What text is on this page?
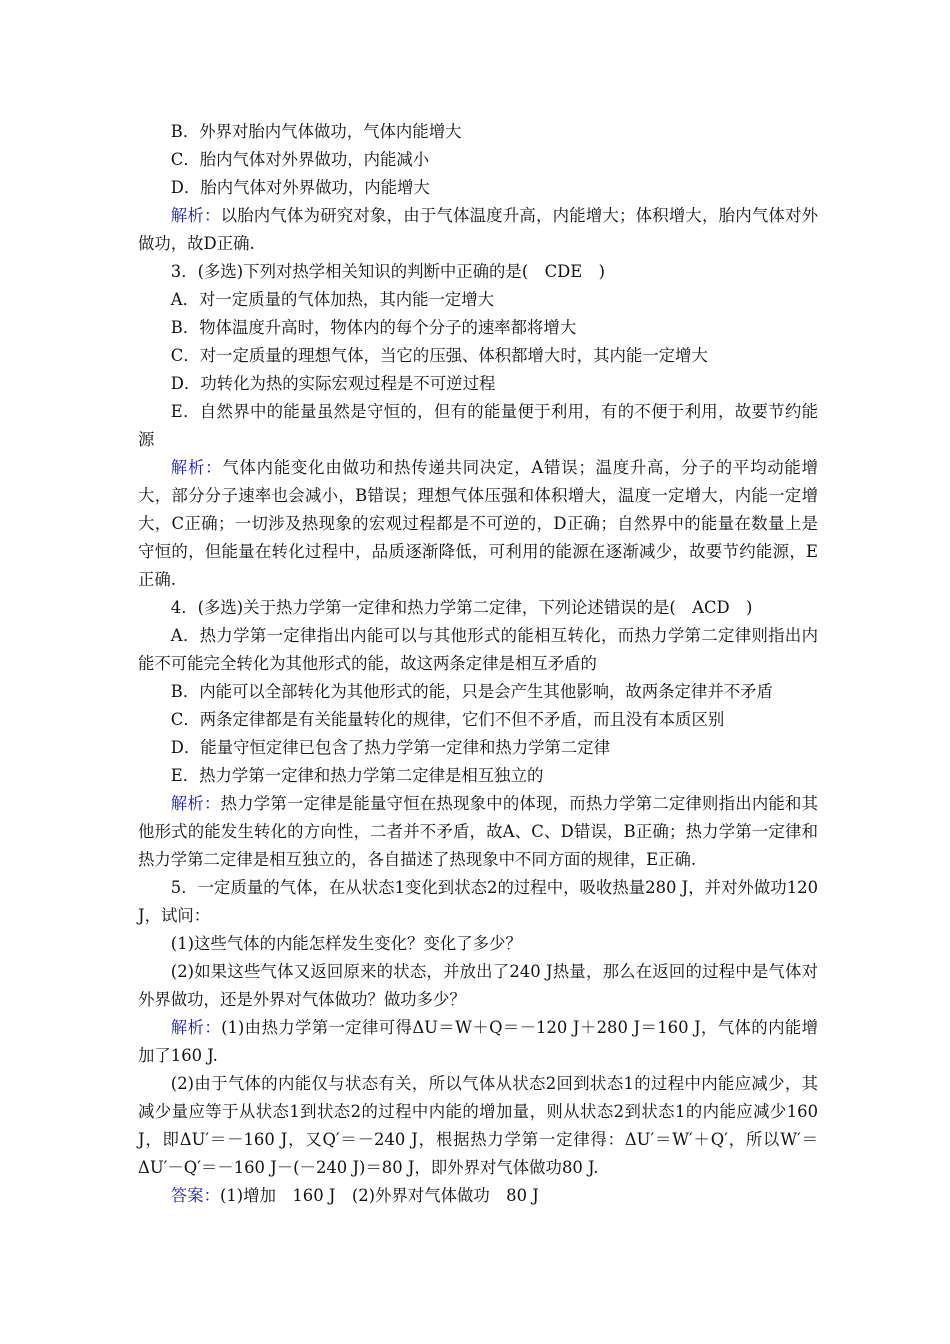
B．外界对胎内气体做功，气体内能增大

C．胎内气体对外界做功，内能减小

D．胎内气体对外界做功，内能增大

解析：以胎内气体为研究对象，由于气体温度升高，内能增大；体积增大，胎内气体对外做功，故D正确.

3．(多选)下列对热学相关知识的判断中正确的是(　CDE　)

A．对一定质量的气体加热，其内能一定增大

B．物体温度升高时，物体内的每个分子的速率都将增大

C．对一定质量的理想气体，当它的压强、体积都增大时，其内能一定增大

D．功转化为热的实际宏观过程是不可逆过程

E．自然界中的能量虽然是守恒的，但有的能量便于利用，有的不便于利用，故要节约能源

解析：气体内能变化由做功和热传递共同决定，A错误；温度升高，分子的平均动能增大，部分分子速率也会减小，B错误；理想气体压强和体积增大，温度一定增大，内能一定增大，C正确；一切涉及热现象的宏观过程都是不可逆的，D正确；自然界中的能量在数量上是守恒的，但能量在转化过程中，品质逐渐降低，可利用的能源在逐渐减少，故要节约能源，E正确.

4．(多选)关于热力学第一定律和热力学第二定律，下列论述错误的是(　ACD　)

A．热力学第一定律指出内能可以与其他形式的能相互转化，而热力学第二定律则指出内能不可能完全转化为其他形式的能，故这两条定律是相互矛盾的

B．内能可以全部转化为其他形式的能，只是会产生其他影响，故两条定律并不矛盾

C．两条定律都是有关能量转化的规律，它们不但不矛盾，而且没有本质区别

D．能量守恒定律已包含了热力学第一定律和热力学第二定律

E．热力学第一定律和热力学第二定律是相互独立的

解析：热力学第一定律是能量守恒在热现象中的体现，而热力学第二定律则指出内能和其他形式的能发生转化的方向性，二者并不矛盾，故A、C、D错误，B正确；热力学第一定律和热力学第二定律是相互独立的，各自描述了热现象中不同方面的规律，E正确.

5．一定质量的气体，在从状态1变化到状态2的过程中，吸收热量280 J，并对外做功120 J，试问：

(1)这些气体的内能怎样发生变化？变化了多少？

(2)如果这些气体又返回原来的状态，并放出了240 J热量，那么在返回的过程中是气体对外界做功，还是外界对气体做功？做功多少？

解析：(1)由热力学第一定律可得ΔU＝W＋Q＝－120 J＋280 J＝160 J，气体的内能增加了160 J.

(2)由于气体的内能仅与状态有关，所以气体从状态2回到状态1的过程中内能应减少，其减少量应等于从状态1到状态2的过程中内能的增加量，则从状态2到状态1的内能应减少160 J，即ΔU′＝－160 J，又Q′＝－240 J，根据热力学第一定律得：ΔU′＝W′＋Q′，所以W′＝ΔU′－Q′＝－160 J－(－240 J)＝80 J，即外界对气体做功80 J.

答案：(1)增加　160 J　(2)外界对气体做功　80 J
